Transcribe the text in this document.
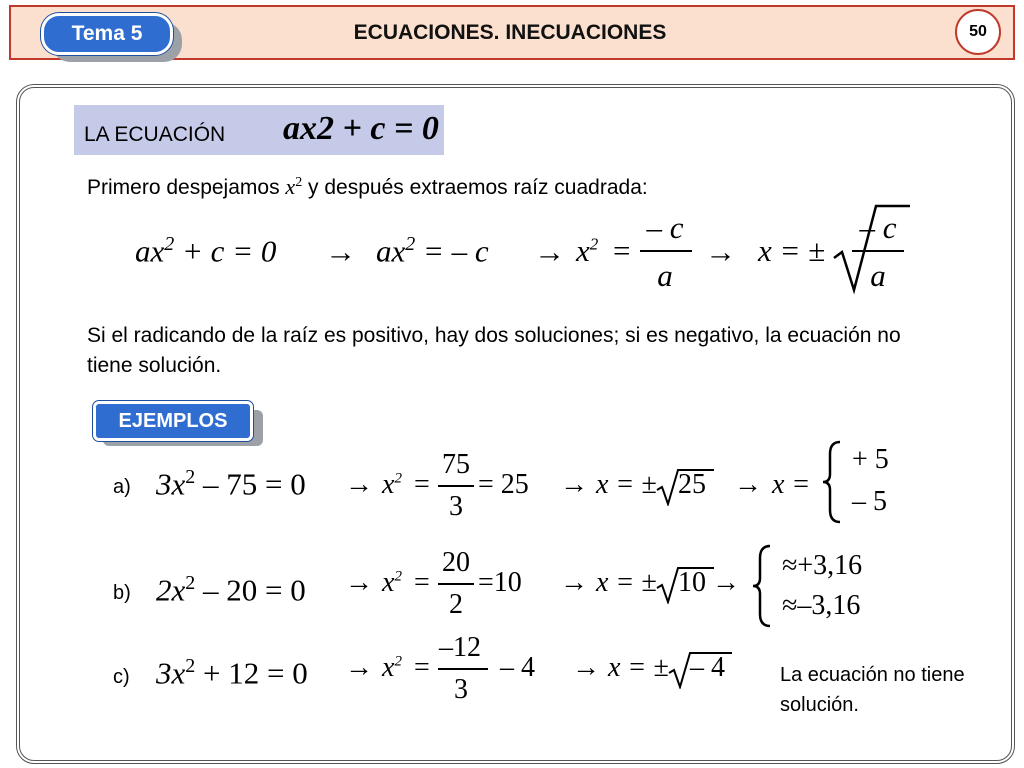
Tema 5	ECUACIONES. INECUACIONES	50
LA ECUACIÓN ax2 + c = 0
Primero despejamos $x^2$ y después extraemos raíz cuadrada:
$ax^2 + c = 0 \to ax^2$ = – $c \to x^2$ =
– c
a
→ x = ±
– c
a
Si el radicando de la raíz es positivo, hay dos soluciones; si es negativo, la ecuación no tiene solución.
EJEMPLOS
a) $3x^2 - 75 = 0 \to x^2$ =
75
3
= 25 → x = ± 25 → x =
+ 5
– 5
b) $2x^2 - 20 = 0 \to x^2$ =
20
2
=10 → x = ± 10 →
≈+3,16
≈–3,16
c) $3x^2 + 12 = 0 \to x^2$ =
–12
3
– 4 → x = ± – 4	La ecuación no tiene solución.
